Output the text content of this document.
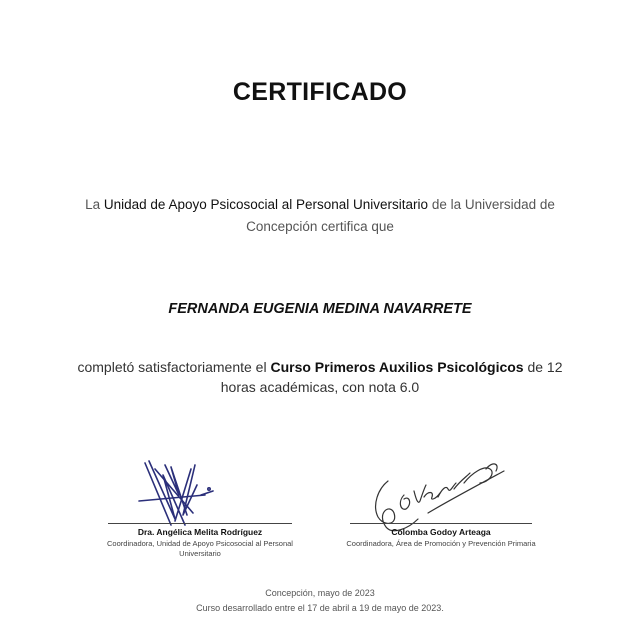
CERTIFICADO
La Unidad de Apoyo Psicosocial al Personal Universitario de la Universidad de Concepción certifica que
FERNANDA EUGENIA MEDINA NAVARRETE
completó satisfactoriamente el Curso Primeros Auxilios Psicológicos de 12 horas académicas, con nota 6.0
Dra. Angélica Melita Rodríguez
Coordinadora, Unidad de Apoyo Psicosocial al Personal Universitario
Colomba Godoy Arteaga
Coordinadora, Área de Promoción y Prevención Primaria
Concepción, mayo de 2023
Curso desarrollado entre el 17 de abril a 19 de mayo de 2023.
